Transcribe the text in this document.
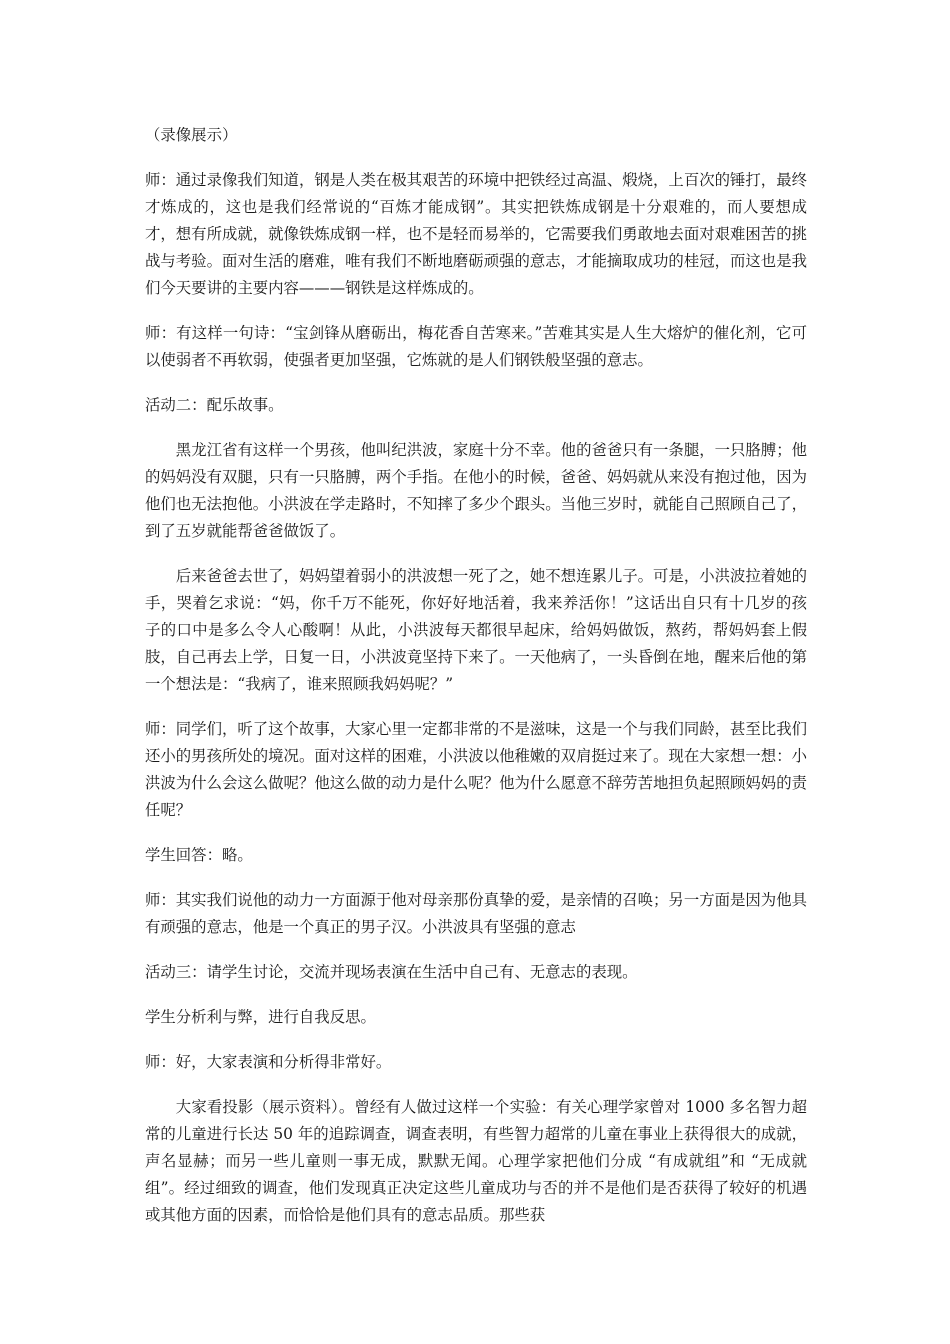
（录像展示）

师：通过录像我们知道，钢是人类在极其艰苦的环境中把铁经过高温、煅烧，上百次的锤打，最终才炼成的，这也是我们经常说的“百炼才能成钢”。其实把铁炼成钢是十分艰难的，而人要想成才，想有所成就，就像铁炼成钢一样，也不是轻而易举的，它需要我们勇敢地去面对艰难困苦的挑战与考验。面对生活的磨难，唯有我们不断地磨砺顽强的意志，才能摘取成功的桂冠，而这也是我们今天要讲的主要内容———钢铁是这样炼成的。

师：有这样一句诗：“宝剑锋从磨砺出，梅花香自苦寒来。”苦难其实是人生大熔炉的催化剂，它可以使弱者不再软弱，使强者更加坚强，它炼就的是人们钢铁般坚强的意志。

活动二：配乐故事。

黑龙江省有这样一个男孩，他叫纪洪波，家庭十分不幸。他的爸爸只有一条腿，一只胳膊；他的妈妈没有双腿，只有一只胳膊，两个手指。在他小的时候，爸爸、妈妈就从来没有抱过他，因为他们也无法抱他。小洪波在学走路时，不知摔了多少个跟头。当他三岁时，就能自己照顾自己了，到了五岁就能帮爸爸做饭了。

后来爸爸去世了，妈妈望着弱小的洪波想一死了之，她不想连累儿子。可是，小洪波拉着她的手，哭着乞求说：“妈，你千万不能死，你好好地活着，我来养活你！”这话出自只有十几岁的孩子的口中是多么令人心酸啊！从此，小洪波每天都很早起床，给妈妈做饭，熬药，帮妈妈套上假肢，自己再去上学，日复一日，小洪波竟坚持下来了。一天他病了，一头昏倒在地，醒来后他的第一个想法是：“我病了，谁来照顾我妈妈呢？”

师：同学们，听了这个故事，大家心里一定都非常的不是滋味，这是一个与我们同龄，甚至比我们还小的男孩所处的境况。面对这样的困难，小洪波以他稚嫩的双肩挺过来了。现在大家想一想：小洪波为什么会这么做呢？他这么做的动力是什么呢？他为什么愿意不辞劳苦地担负起照顾妈妈的责任呢？

学生回答：略。

师：其实我们说他的动力一方面源于他对母亲那份真挚的爱，是亲情的召唤；另一方面是因为他具有顽强的意志，他是一个真正的男子汉。小洪波具有坚强的意志

活动三：请学生讨论，交流并现场表演在生活中自己有、无意志的表现。

学生分析利与弊，进行自我反思。

师：好，大家表演和分析得非常好。

大家看投影（展示资料）。曾经有人做过这样一个实验：有关心理学家曾对 1000 多名智力超常的儿童进行长达 50 年的追踪调查，调查表明，有些智力超常的儿童在事业上获得很大的成就，声名显赫；而另一些儿童则一事无成，默默无闻。心理学家把他们分成 “有成就组”和 “无成就组”。经过细致的调查，他们发现真正决定这些儿童成功与否的并不是他们是否获得了较好的机遇或其他方面的因素，而恰恰是他们具有的意志品质。那些获
